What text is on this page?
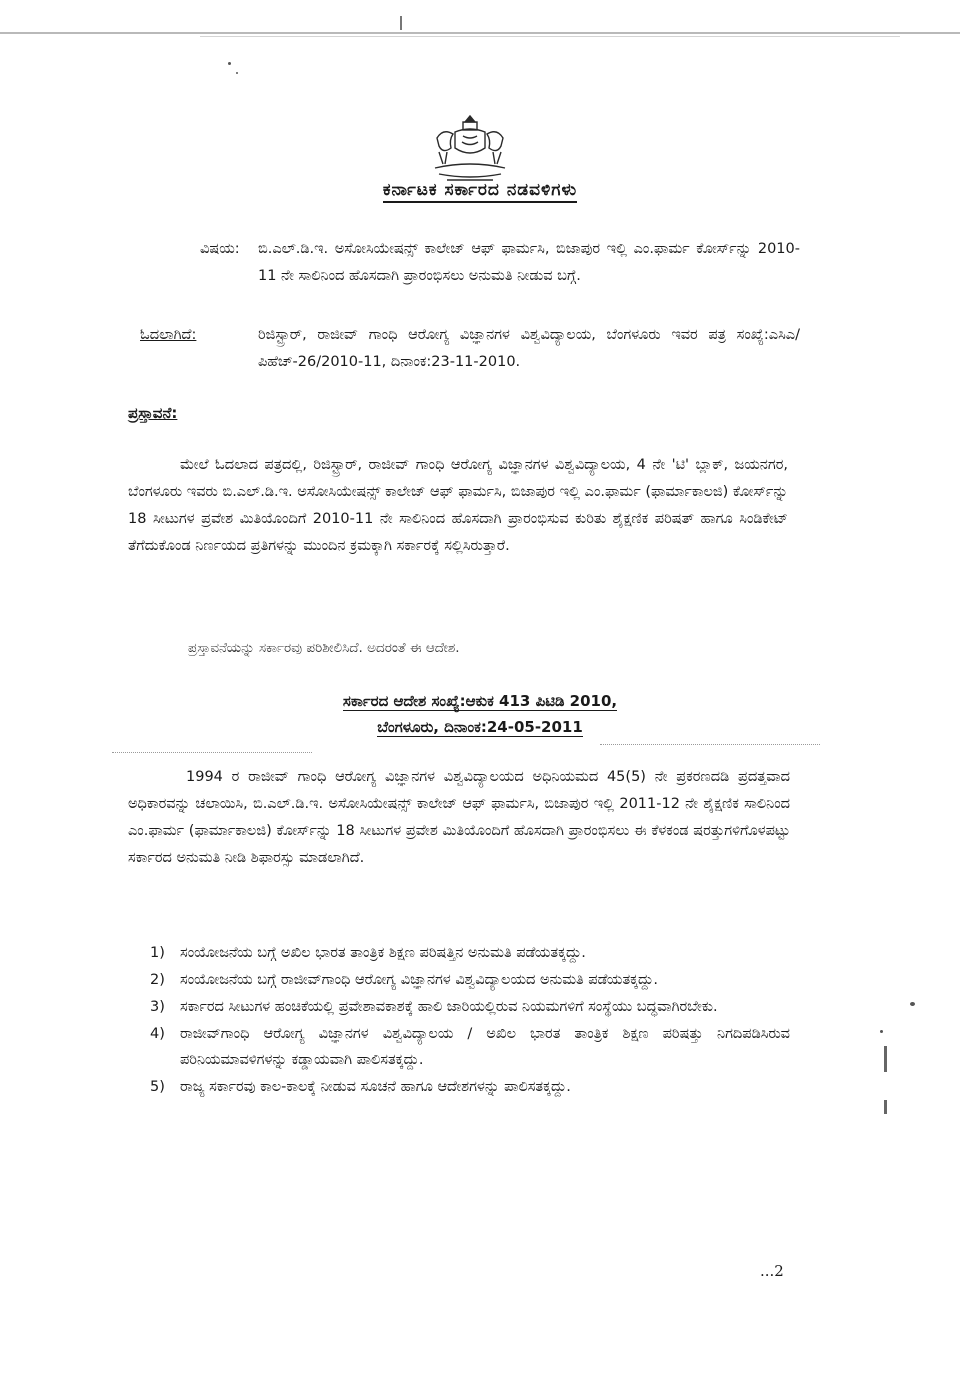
ಕರ್ನಾಟಕ ಸರ್ಕಾರದ ನಡವಳಿಗಳು
ವಿಷಯ: ಬಿ.ಎಲ್.ಡಿ.ಇ. ಅಸೋಸಿಯೇಷನ್ಸ್ ಕಾಲೇಜ್ ಆಫ್ ಫಾರ್ಮಸಿ, ಬಿಜಾಪುರ ಇಲ್ಲಿ ಎಂ.ಫಾರ್ಮ ಕೋರ್ಸ್‌ನ್ನು 2010-11 ನೇ ಸಾಲಿನಿಂದ ಹೊಸದಾಗಿ ಪ್ರಾರಂಭಿಸಲು ಅನುಮತಿ ನೀಡುವ ಬಗ್ಗೆ.
ಓದಲಾಗಿದೆ:	ರಿಜಿಸ್ಟ್ರಾರ್, ರಾಜೀವ್ ಗಾಂಧಿ ಆರೋಗ್ಯ ವಿಜ್ಞಾನಗಳ ವಿಶ್ವವಿದ್ಯಾಲಯ, ಬೆಂಗಳೂರು ಇವರ ಪತ್ರ ಸಂಖ್ಯೆ:ಎಸಿಎ/ಪಿಹೆಚ್-26/2010-11, ದಿನಾಂಕ:23-11-2010.
ಪ್ರಸ್ತಾವನೆ:
ಮೇಲೆ ಓದಲಾದ ಪತ್ರದಲ್ಲಿ, ರಿಜಿಸ್ಟ್ರಾರ್, ರಾಜೀವ್ ಗಾಂಧಿ ಆರೋಗ್ಯ ವಿಜ್ಞಾನಗಳ ವಿಶ್ವವಿದ್ಯಾಲಯ, 4 ನೇ 'ಟಿ' ಬ್ಲಾಕ್, ಜಯನಗರ, ಬೆಂಗಳೂರು ಇವರು ಬಿ.ಎಲ್.ಡಿ.ಇ. ಅಸೋಸಿಯೇಷನ್ಸ್ ಕಾಲೇಜ್ ಆಫ್ ಫಾರ್ಮಸಿ, ಬಿಜಾಪುರ ಇಲ್ಲಿ ಎಂ.ಫಾರ್ಮ (ಫಾರ್ಮಾಕಾಲಜಿ) ಕೋರ್ಸ್‌ನ್ನು 18 ಸೀಟುಗಳ ಪ್ರವೇಶ ಮಿತಿಯೊಂದಿಗೆ 2010-11 ನೇ ಸಾಲಿನಿಂದ ಹೊಸದಾಗಿ ಪ್ರಾರಂಭಿಸುವ ಕುರಿತು ಶೈಕ್ಷಣಿಕ ಪರಿಷತ್ ಹಾಗೂ ಸಿಂಡಿಕೇಟ್ ತೆಗೆದುಕೊಂಡ ನಿರ್ಣಯದ ಪ್ರತಿಗಳನ್ನು ಮುಂದಿನ ಕ್ರಮಕ್ಕಾಗಿ ಸರ್ಕಾರಕ್ಕೆ ಸಲ್ಲಿಸಿರುತ್ತಾರೆ.
ಪ್ರಸ್ತಾವನೆಯನ್ನು ಸರ್ಕಾರವು ಪರಿಶೀಲಿಸಿದೆ. ಅದರಂತೆ ಈ ಆದೇಶ.
ಸರ್ಕಾರದ ಆದೇಶ ಸಂಖ್ಯೆ:ಆಕುಕ 413 ಪಿಟಿಡಿ 2010,
ಬೆಂಗಳೂರು, ದಿನಾಂಕ:24-05-2011
1994 ರ ರಾಜೀವ್ ಗಾಂಧಿ ಆರೋಗ್ಯ ವಿಜ್ಞಾನಗಳ ವಿಶ್ವವಿದ್ಯಾಲಯದ ಅಧಿನಿಯಮದ 45(5) ನೇ ಪ್ರಕರಣದಡಿ ಪ್ರದತ್ತವಾದ ಅಧಿಕಾರವನ್ನು ಚಲಾಯಿಸಿ, ಬಿ.ಎಲ್.ಡಿ.ಇ. ಅಸೋಸಿಯೇಷನ್ಸ್ ಕಾಲೇಜ್ ಆಫ್ ಫಾರ್ಮಸಿ, ಬಿಜಾಪುರ ಇಲ್ಲಿ 2011-12 ನೇ ಶೈಕ್ಷಣಿಕ ಸಾಲಿನಿಂದ ಎಂ.ಫಾರ್ಮ (ಫಾರ್ಮಾಕಾಲಜಿ) ಕೋರ್ಸ್‌ನ್ನು 18 ಸೀಟುಗಳ ಪ್ರವೇಶ ಮಿತಿಯೊಂದಿಗೆ ಹೊಸದಾಗಿ ಪ್ರಾರಂಭಿಸಲು ಈ ಕೆಳಕಂಡ ಷರತ್ತುಗಳಿಗೊಳಪಟ್ಟು ಸರ್ಕಾರದ ಅನುಮತಿ ನೀಡಿ ಶಿಫಾರಸ್ಸು ಮಾಡಲಾಗಿದೆ.
1)	ಸಂಯೋಜನೆಯ ಬಗ್ಗೆ ಅಖಿಲ ಭಾರತ ತಾಂತ್ರಿಕ ಶಿಕ್ಷಣ ಪರಿಷತ್ತಿನ ಅನುಮತಿ ಪಡೆಯತಕ್ಕದ್ದು.
2)	ಸಂಯೋಜನೆಯ ಬಗ್ಗೆ ರಾಜೀವ್‌ಗಾಂಧಿ ಆರೋಗ್ಯ ವಿಜ್ಞಾನಗಳ ವಿಶ್ವವಿದ್ಯಾಲಯದ ಅನುಮತಿ ಪಡೆಯತಕ್ಕದ್ದು.
3)	ಸರ್ಕಾರದ ಸೀಟುಗಳ ಹಂಚಿಕೆಯಲ್ಲಿ ಪ್ರವೇಶಾವಕಾಶಕ್ಕೆ ಹಾಲಿ ಜಾರಿಯಲ್ಲಿರುವ ನಿಯಮಗಳಿಗೆ ಸಂಸ್ಥೆಯು ಬದ್ಧವಾಗಿರಬೇಕು.
4)	ರಾಜೀವ್‌ಗಾಂಧಿ ಆರೋಗ್ಯ ವಿಜ್ಞಾನಗಳ ವಿಶ್ವವಿದ್ಯಾಲಯ / ಅಖಿಲ ಭಾರತ ತಾಂತ್ರಿಕ ಶಿಕ್ಷಣ ಪರಿಷತ್ತು ನಿಗದಿಪಡಿಸಿರುವ ಪರಿನಿಯಮಾವಳಿಗಳನ್ನು ಕಡ್ಡಾಯವಾಗಿ ಪಾಲಿಸತಕ್ಕದ್ದು.
5)	ರಾಜ್ಯ ಸರ್ಕಾರವು ಕಾಲ-ಕಾಲಕ್ಕೆ ನೀಡುವ ಸೂಚನೆ ಹಾಗೂ ಆದೇಶಗಳನ್ನು ಪಾಲಿಸತಕ್ಕದ್ದು.
...2
